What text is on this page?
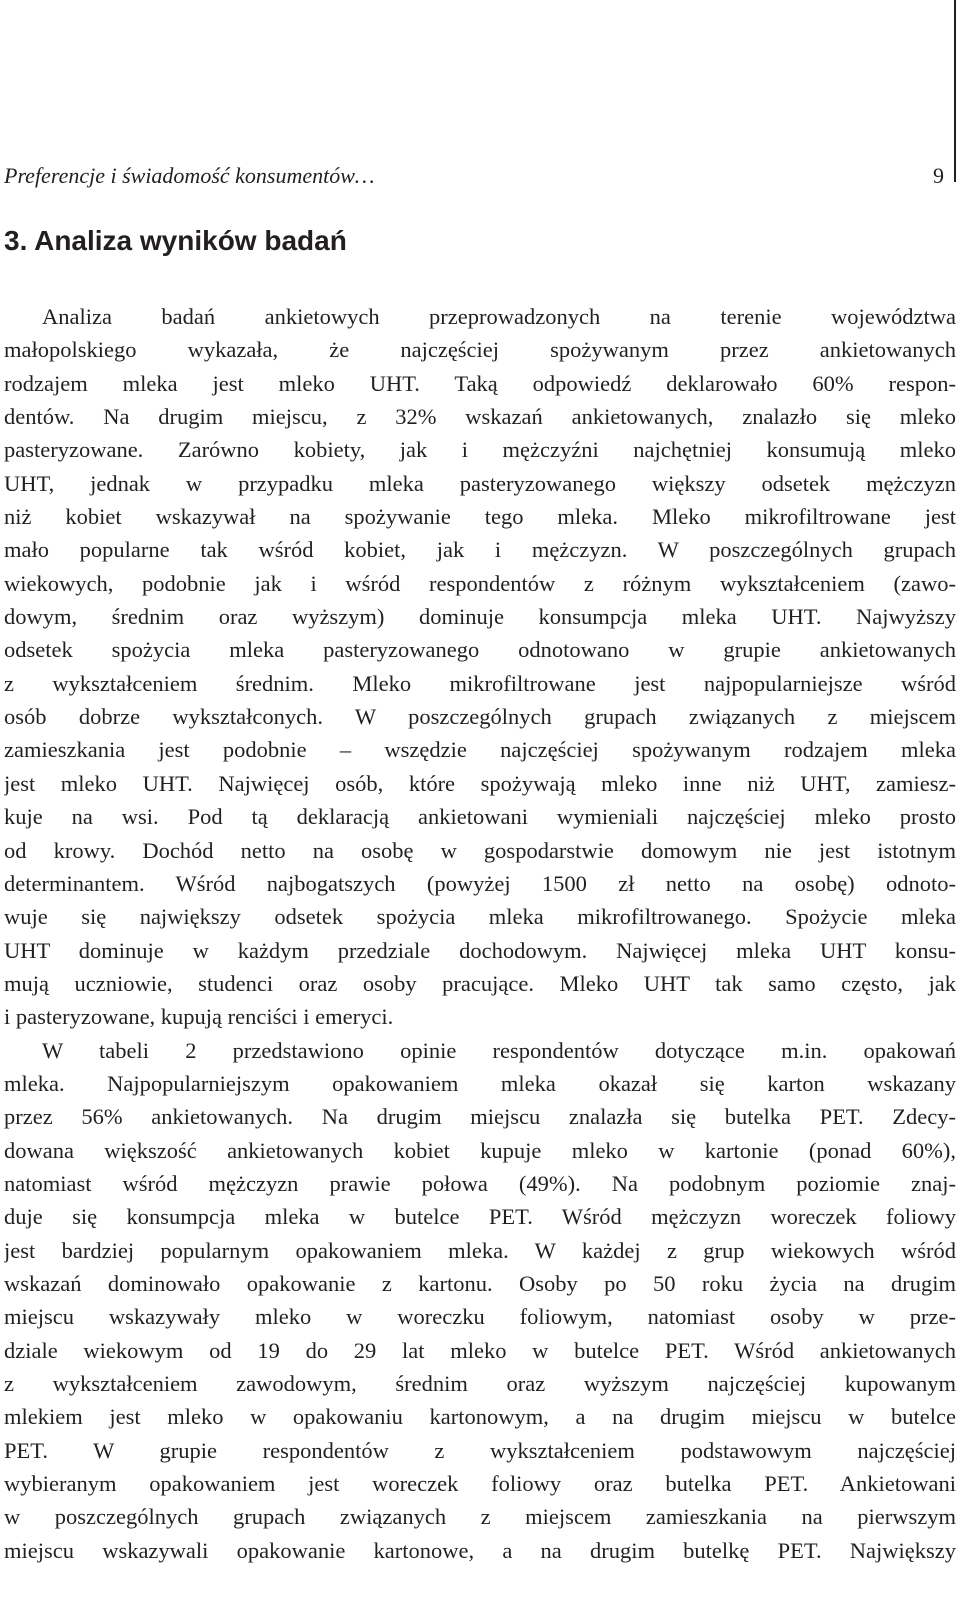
Preferencje i świadomość konsumentów…	9
3. Analiza wyników badań
Analiza badań ankietowych przeprowadzonych na terenie województwa
małopolskiego wykazała, że najczęściej spożywanym przez ankietowanych
rodzajem mleka jest mleko UHT. Taką odpowiedź deklarowało 60% respon-
dentów. Na drugim miejscu, z 32% wskazań ankietowanych, znalazło się mleko
pasteryzowane. Zarówno kobiety, jak i mężczyźni najchętniej konsumują mleko
UHT, jednak w przypadku mleka pasteryzowanego większy odsetek mężczyzn
niż kobiet wskazywał na spożywanie tego mleka. Mleko mikrofiltrowane jest
mało popularne tak wśród kobiet, jak i mężczyzn. W poszczególnych grupach
wiekowych, podobnie jak i wśród respondentów z różnym wykształceniem (zawo-
dowym, średnim oraz wyższym) dominuje konsumpcja mleka UHT. Najwyższy
odsetek spożycia mleka pasteryzowanego odnotowano w grupie ankietowanych
z wykształceniem średnim. Mleko mikrofiltrowane jest najpopularniejsze wśród
osób dobrze wykształconych. W poszczególnych grupach związanych z miejscem
zamieszkania jest podobnie – wszędzie najczęściej spożywanym rodzajem mleka
jest mleko UHT. Najwięcej osób, które spożywają mleko inne niż UHT, zamiesz-
kuje na wsi. Pod tą deklaracją ankietowani wymieniali najczęściej mleko prosto
od krowy. Dochód netto na osobę w gospodarstwie domowym nie jest istotnym
determinantem. Wśród najbogatszych (powyżej 1500 zł netto na osobę) odnoto-
wuje się największy odsetek spożycia mleka mikrofiltrowanego. Spożycie mleka
UHT dominuje w każdym przedziale dochodowym. Najwięcej mleka UHT konsu-
mują uczniowie, studenci oraz osoby pracujące. Mleko UHT tak samo często, jak
i pasteryzowane, kupują renciści i emeryci.
W tabeli 2 przedstawiono opinie respondentów dotyczące m.in. opakowań
mleka. Najpopularniejszym opakowaniem mleka okazał się karton wskazany
przez 56% ankietowanych. Na drugim miejscu znalazła się butelka PET. Zdecy-
dowana większość ankietowanych kobiet kupuje mleko w kartonie (ponad 60%),
natomiast wśród mężczyzn prawie połowa (49%). Na podobnym poziomie znaj-
duje się konsumpcja mleka w butelce PET. Wśród mężczyzn woreczek foliowy
jest bardziej popularnym opakowaniem mleka. W każdej z grup wiekowych wśród
wskazań dominowało opakowanie z kartonu. Osoby po 50 roku życia na drugim
miejscu wskazywały mleko w woreczku foliowym, natomiast osoby w prze-
dziale wiekowym od 19 do 29 lat mleko w butelce PET. Wśród ankietowanych
z wykształceniem zawodowym, średnim oraz wyższym najczęściej kupowanym
mlekiem jest mleko w opakowaniu kartonowym, a na drugim miejscu w butelce
PET. W grupie respondentów z wykształceniem podstawowym najczęściej
wybieranym opakowaniem jest woreczek foliowy oraz butelka PET. Ankietowani
w poszczególnych grupach związanych z miejscem zamieszkania na pierwszym
miejscu wskazywali opakowanie kartonowe, a na drugim butelkę PET. Największy
